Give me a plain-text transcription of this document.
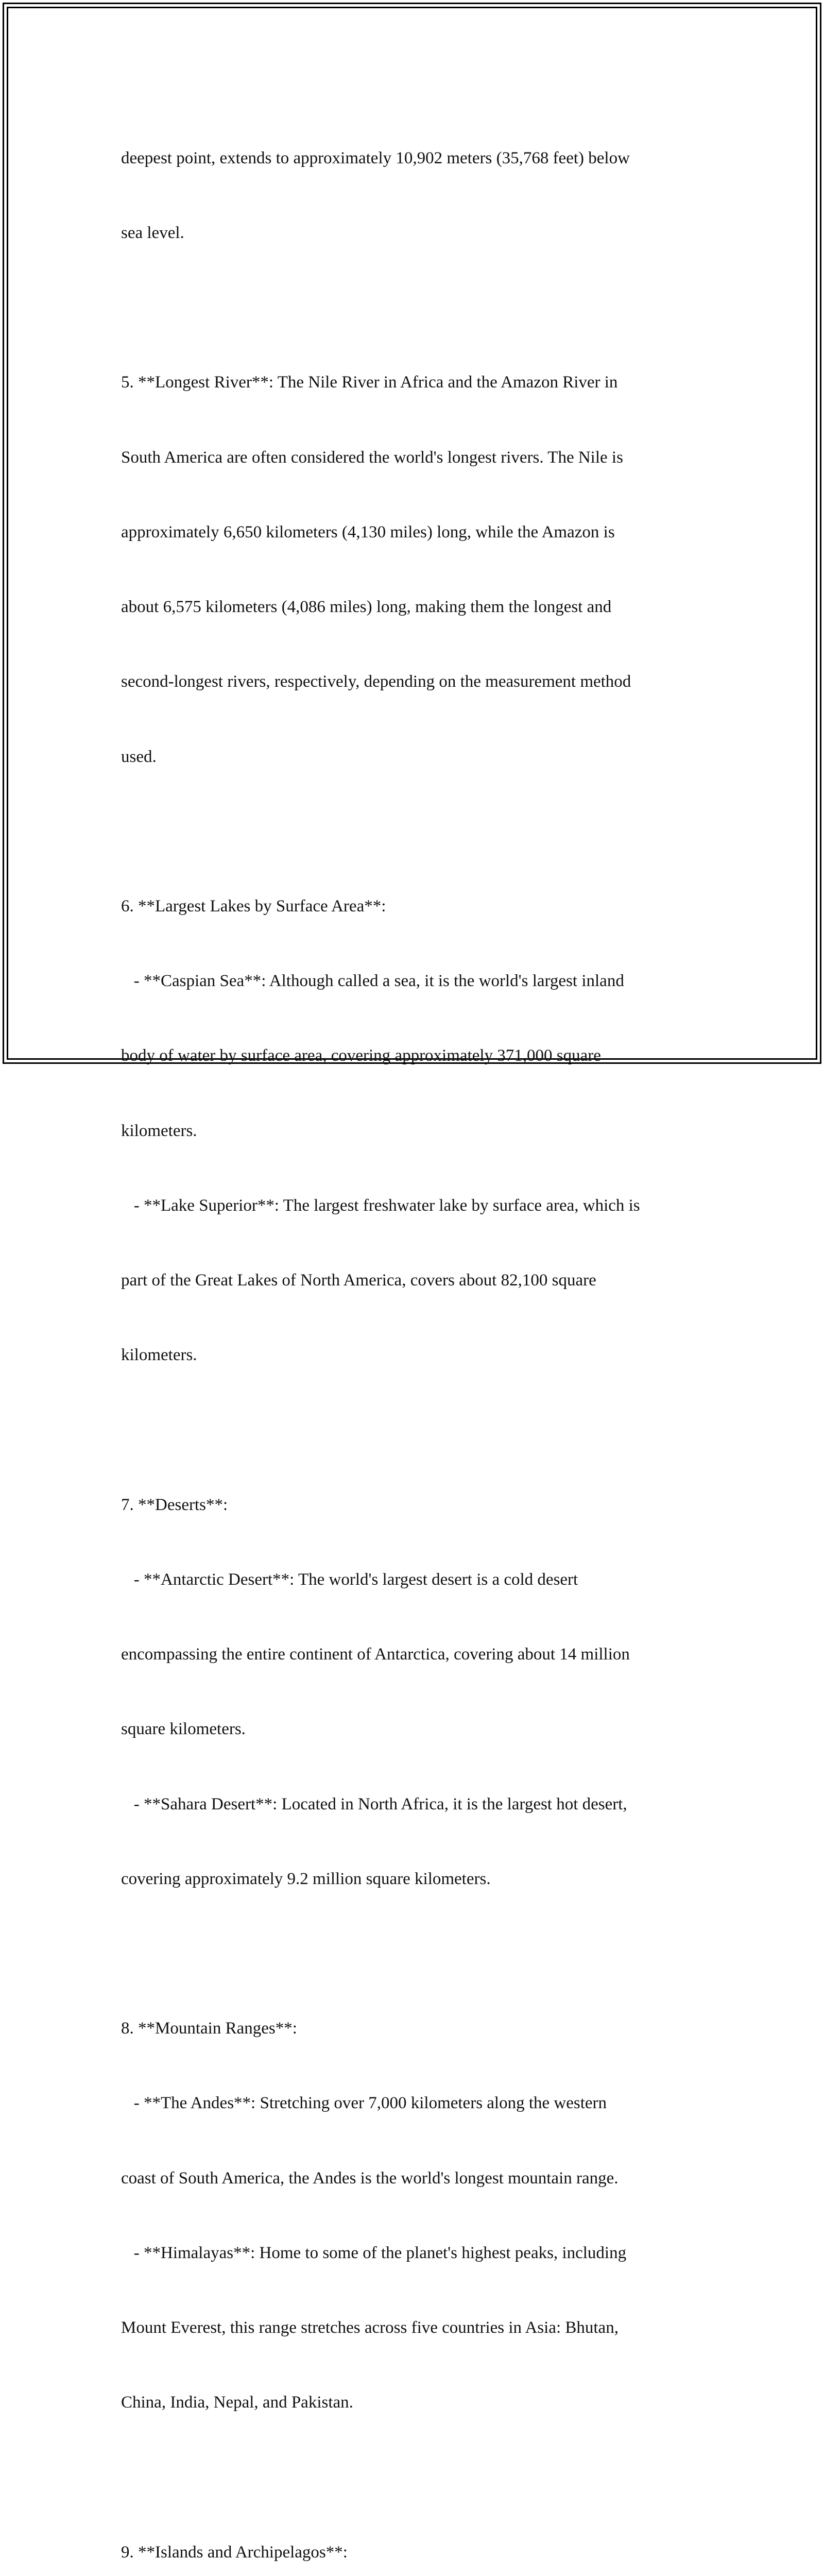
deepest point, extends to approximately 10,902 meters (35,768 feet) below

sea level.

5. **Longest River**: The Nile River in Africa and the Amazon River in

South America are often considered the world's longest rivers. The Nile is

approximately 6,650 kilometers (4,130 miles) long, while the Amazon is

about 6,575 kilometers (4,086 miles) long, making them the longest and

second-longest rivers, respectively, depending on the measurement method

used.

6. **Largest Lakes by Surface Area**:

- **Caspian Sea**: Although called a sea, it is the world's largest inland

body of water by surface area, covering approximately 371,000 square

kilometers.

- **Lake Superior**: The largest freshwater lake by surface area, which is

part of the Great Lakes of North America, covers about 82,100 square

kilometers.

7. **Deserts**:

- **Antarctic Desert**: The world's largest desert is a cold desert

encompassing the entire continent of Antarctica, covering about 14 million

square kilometers.

- **Sahara Desert**: Located in North Africa, it is the largest hot desert,

covering approximately 9.2 million square kilometers.

8. **Mountain Ranges**:

- **The Andes**: Stretching over 7,000 kilometers along the western

coast of South America, the Andes is the world's longest mountain range.

- **Himalayas**: Home to some of the planet's highest peaks, including

Mount Everest, this range stretches across five countries in Asia: Bhutan,

China, India, Nepal, and Pakistan.

9. **Islands and Archipelagos**:
